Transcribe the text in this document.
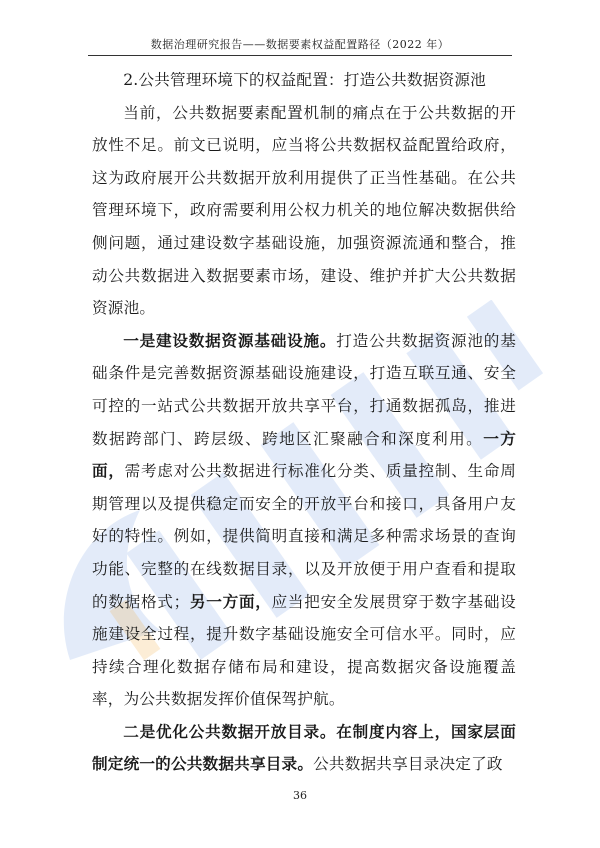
数据治理研究报告——数据要素权益配置路径（2022 年）

2.公共管理环境下的权益配置：打造公共数据资源池

当前，公共数据要素配置机制的痛点在于公共数据的开放性不足。前文已说明，应当将公共数据权益配置给政府，这为政府展开公共数据开放利用提供了正当性基础。在公共管理环境下，政府需要利用公权力机关的地位解决数据供给侧问题，通过建设数字基础设施，加强资源流通和整合，推动公共数据进入数据要素市场，建设、维护并扩大公共数据资源池。

一是建设数据资源基础设施。打造公共数据资源池的基础条件是完善数据资源基础设施建设，打造互联互通、安全可控的一站式公共数据开放共享平台，打通数据孤岛，推进数据跨部门、跨层级、跨地区汇聚融合和深度利用。一方面，需考虑对公共数据进行标准化分类、质量控制、生命周期管理以及提供稳定而安全的开放平台和接口，具备用户友好的特性。例如，提供简明直接和满足多种需求场景的查询功能、完整的在线数据目录，以及开放便于用户查看和提取的数据格式；另一方面，应当把安全发展贯穿于数字基础设施建设全过程，提升数字基础设施安全可信水平。同时，应持续合理化数据存储布局和建设，提高数据灾备设施覆盖率，为公共数据发挥价值保驾护航。

二是优化公共数据开放目录。在制度内容上，国家层面制定统一的公共数据共享目录。公共数据共享目录决定了政

36
